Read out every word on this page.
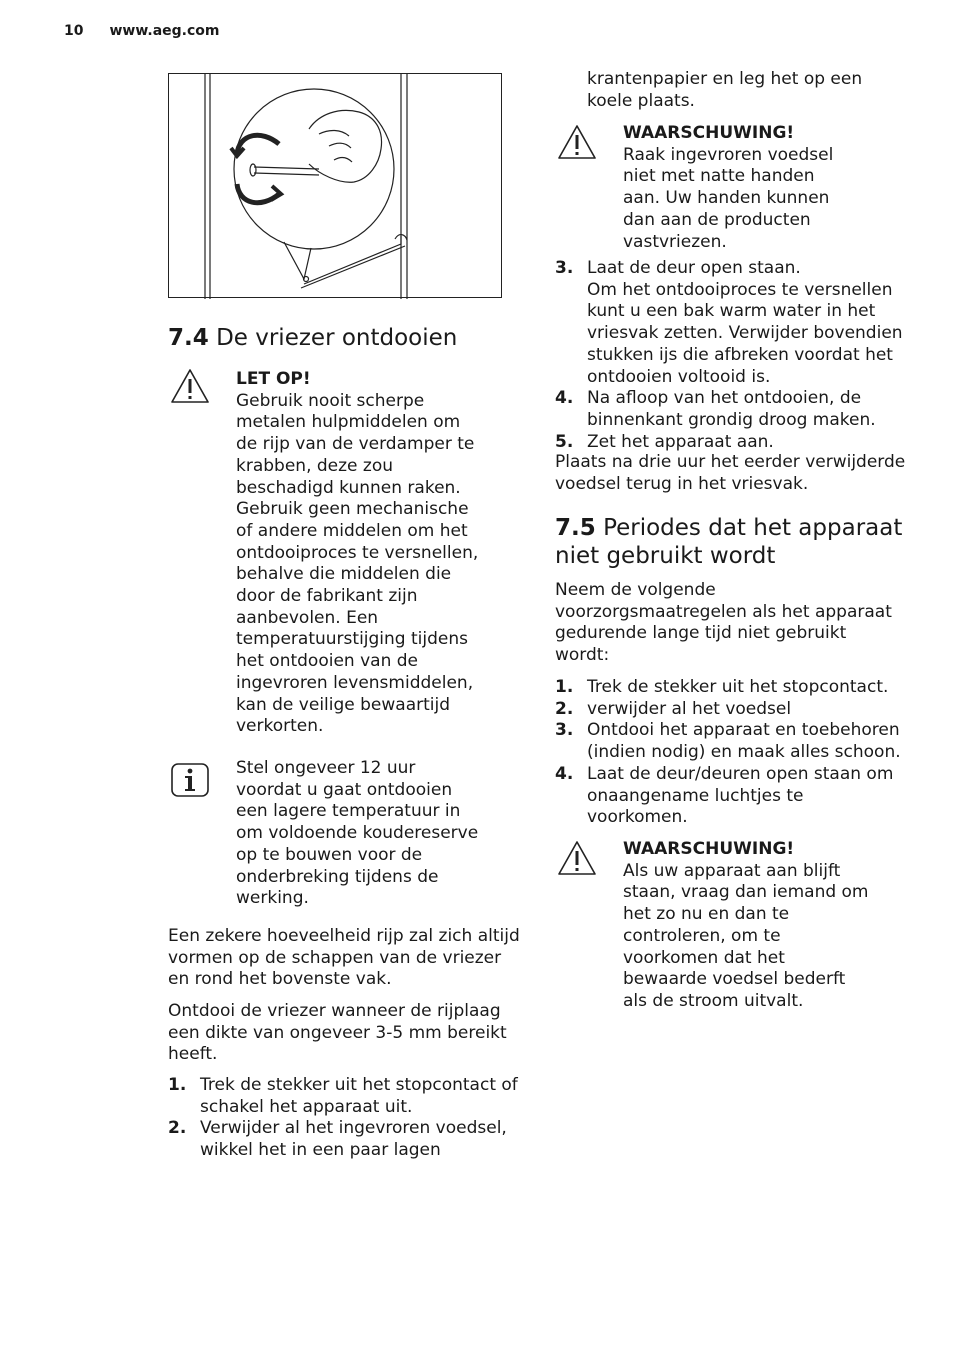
10 www.aeg.com
7.4 De vriezer ontdooien
LET OP!
Gebruik nooit scherpe
metalen hulpmiddelen om
de rijp van de verdamper te
krabben, deze zou
beschadigd kunnen raken.
Gebruik geen mechanische
of andere middelen om het
ontdooiproces te versnellen,
behalve die middelen die
door de fabrikant zijn
aanbevolen. Een
temperatuurstijging tijdens
het ontdooien van de
ingevroren levensmiddelen,
kan de veilige bewaartijd
verkorten.
Stel ongeveer 12 uur
voordat u gaat ontdooien
een lagere temperatuur in
om voldoende koudereserve
op te bouwen voor de
onderbreking tijdens de
werking.
Een zekere hoeveelheid rijp zal zich altijd
vormen op de schappen van de vriezer
en rond het bovenste vak.
Ontdooi de vriezer wanneer de rijplaag
een dikte van ongeveer 3-5 mm bereikt
heeft.
1. Trek de stekker uit het stopcontact of
schakel het apparaat uit.
2. Verwijder al het ingevroren voedsel,
wikkel het in een paar lagen
krantenpapier en leg het op een
koele plaats.
WAARSCHUWING!
Raak ingevroren voedsel
niet met natte handen
aan. Uw handen kunnen
dan aan de producten
vastvriezen.
3. Laat de deur open staan.
Om het ontdooiproces te versnellen
kunt u een bak warm water in het
vriesvak zetten. Verwijder bovendien
stukken ijs die afbreken voordat het
ontdooien voltooid is.
4. Na afloop van het ontdooien, de
binnenkant grondig droog maken.
5. Zet het apparaat aan.
Plaats na drie uur het eerder verwijderde
voedsel terug in het vriesvak.
7.5 Periodes dat het apparaat
niet gebruikt wordt
Neem de volgende
voorzorgsmaatregelen als het apparaat
gedurende lange tijd niet gebruikt
wordt:
1. Trek de stekker uit het stopcontact.
2. verwijder al het voedsel
3. Ontdooi het apparaat en toebehoren
(indien nodig) en maak alles schoon.
4. Laat de deur/deuren open staan om
onaangename luchtjes te
voorkomen.
WAARSCHUWING!
Als uw apparaat aan blijft
staan, vraag dan iemand om
het zo nu en dan te
controleren, om te
voorkomen dat het
bewaarde voedsel bederft
als de stroom uitvalt.
